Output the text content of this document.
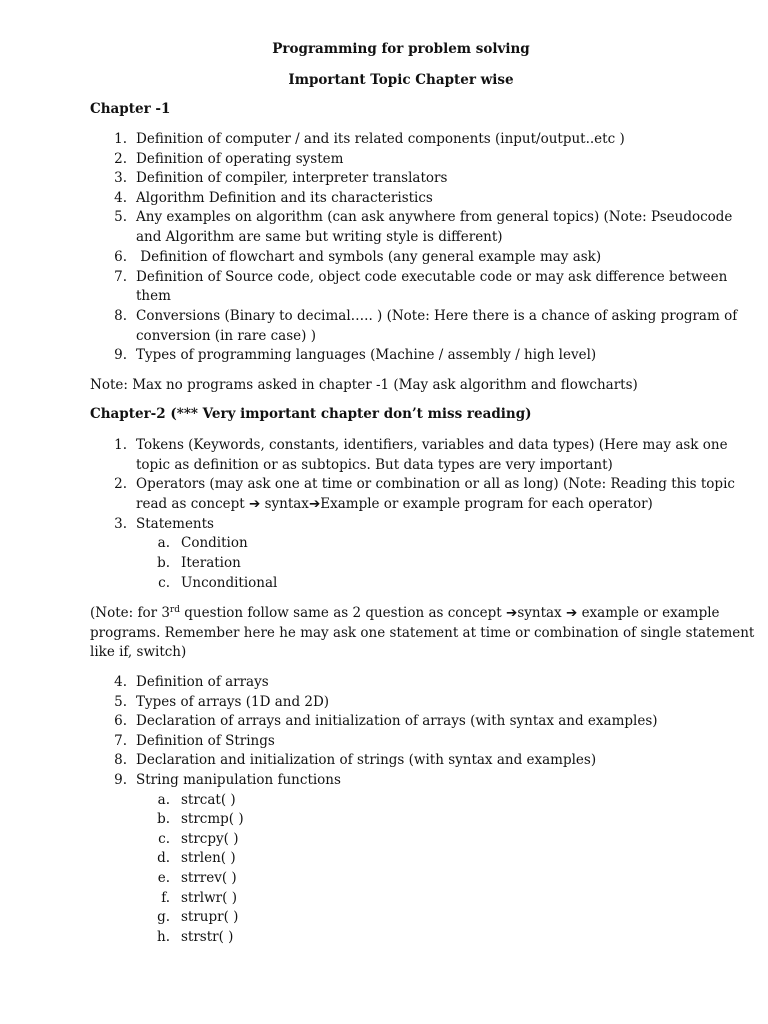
Programming for problem solving
Important Topic Chapter wise
Chapter -1
1. Definition of computer / and its related components (input/output..etc )
2. Definition of operating system
3. Definition of compiler, interpreter translators
4. Algorithm Definition and its characteristics
5. Any examples on algorithm (can ask anywhere from general topics) (Note: Pseudocode
and Algorithm are same but writing style is different)
6. Definition of flowchart and symbols (any general example may ask)
7. Definition of Source code, object code executable code or may ask difference between
them
8. Conversions (Binary to decimal….. ) (Note: Here there is a chance of asking program of
conversion (in rare case) )
9. Types of programming languages (Machine / assembly / high level)
Note: Max no programs asked in chapter -1 (May ask algorithm and flowcharts)
Chapter-2 (*** Very important chapter don’t miss reading)
1. Tokens (Keywords, constants, identifiers, variables and data types) (Here may ask one
topic as definition or as subtopics. But data types are very important)
2. Operators (may ask one at time or combination or all as long) (Note: Reading this topic
read as concept ➔ syntax➔Example or example program for each operator)
3. Statements
a. Condition
b. Iteration
c. Unconditional
(Note: for 3rd question follow same as 2 question as concept ➔syntax ➔ example or example
programs. Remember here he may ask one statement at time or combination of single statement
like if, switch)
4. Definition of arrays
5. Types of arrays (1D and 2D)
6. Declaration of arrays and initialization of arrays (with syntax and examples)
7. Definition of Strings
8. Declaration and initialization of strings (with syntax and examples)
9. String manipulation functions
a. strcat( )
b. strcmp( )
c. strcpy( )
d. strlen( )
e. strrev( )
f. strlwr( )
g. strupr( )
h. strstr( )
